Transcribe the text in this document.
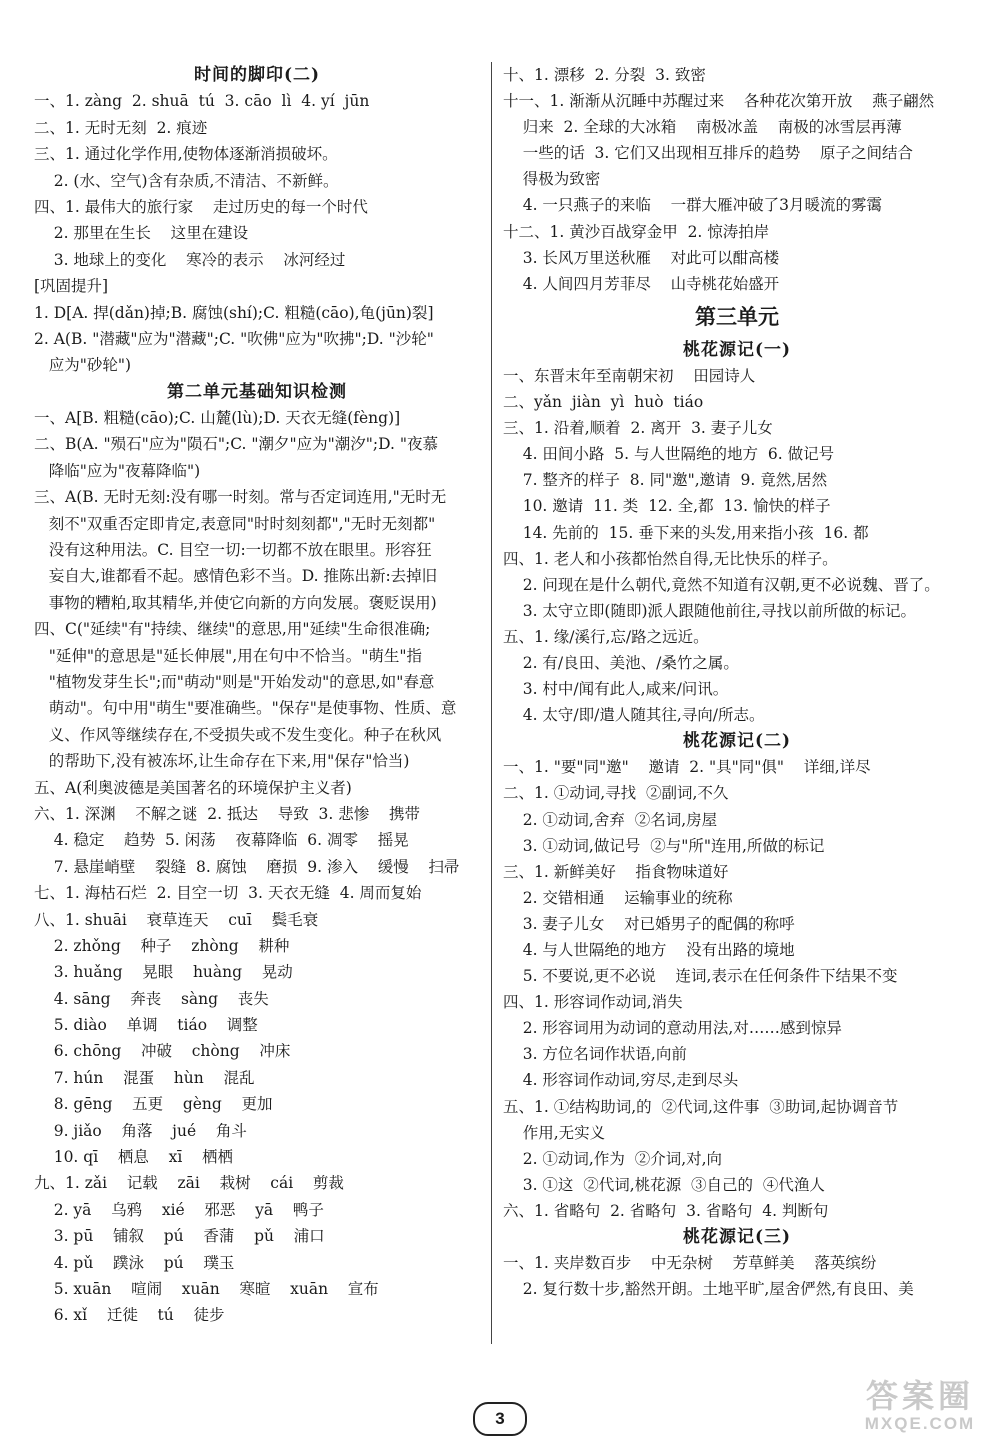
时间的脚印(二)
一、1. zàng  2. shuā  tú  3. cāo  lì  4. yí  jūn
二、1. 无时无刻  2. 痕迹
三、1. 通过化学作用,使物体逐渐消损破坏。
2. (水、空气)含有杂质,不清洁、不新鲜。
四、1. 最伟大的旅行家    走过历史的每一个时代
2. 那里在生长    这里在建设
3. 地球上的变化    寒冷的表示    冰河经过
[巩固提升]
1. D[A. 捍(dǎn)掉;B. 腐蚀(shí);C. 粗糙(cāo),龟(jūn)裂]
2. A(B. "潜藏"应为"潜藏";C. "吹佛"应为"吹拂";D. "沙轮"
应为"砂轮")
第二单元基础知识检测
一、A[B. 粗糙(cāo);C. 山麓(lù);D. 天衣无缝(fèng)]
二、B(A. "殒石"应为"陨石";C. "潮夕"应为"潮汐";D. "夜慕
降临"应为"夜幕降临")
三、A(B. 无时无刻:没有哪一时刻。常与否定词连用,"无时无
刻不"双重否定即肯定,表意同"时时刻刻都","无时无刻都"
没有这种用法。C. 目空一切:一切都不放在眼里。形容狂
妄自大,谁都看不起。感情色彩不当。D. 推陈出新:去掉旧
事物的糟粕,取其精华,并使它向新的方向发展。褒贬误用)
四、C("延续"有"持续、继续"的意思,用"延续"生命很准确;
"延伸"的意思是"延长伸展",用在句中不恰当。"萌生"指
"植物发芽生长";而"萌动"则是"开始发动"的意思,如"春意
萌动"。句中用"萌生"要准确些。"保存"是使事物、性质、意
义、作风等继续存在,不受损失或不发生变化。种子在秋风
的帮助下,没有被冻坏,让生命存在下来,用"保存"恰当)
五、A(利奥波德是美国著名的环境保护主义者)
六、1. 深渊    不解之谜  2. 抵达    导致  3. 悲惨    携带
4. 稳定    趋势  5. 闲荡    夜幕降临  6. 凋零    摇晃
7. 悬崖峭壁    裂缝  8. 腐蚀    磨损  9. 渗入    缓慢    扫帚
七、1. 海枯石烂  2. 目空一切  3. 天衣无缝  4. 周而复始
八、1. shuāi    衰草连天    cuī    鬓毛衰
2. zhǒng    种子    zhòng    耕种
3. huǎng    晃眼    huàng    晃动
4. sāng    奔丧    sàng    丧失
5. diào    单调    tiáo    调整
6. chōng    冲破    chòng    冲床
7. hún    混蛋    hùn    混乱
8. gēng    五更    gèng    更加
9. jiǎo    角落    jué    角斗
10. qī    栖息    xī    栖栖
九、1. zǎi    记载    zāi    栽树    cái    剪裁
2. yā    乌鸦    xié    邪恶    yā    鸭子
3. pū    铺叙    pú    香蒲    pǔ    浦口
4. pǔ    蹼泳    pú    璞玉
5. xuān    喧闹    xuān    寒暄    xuān    宣布
6. xǐ    迁徙    tú    徒步
十、1. 漂移  2. 分裂  3. 致密
十一、1. 渐渐从沉睡中苏醒过来    各种花次第开放    燕子翩然
归来  2. 全球的大冰箱    南极冰盖    南极的冰雪层再薄
一些的话  3. 它们又出现相互排斥的趋势    原子之间结合
得极为致密
4. 一只燕子的来临    一群大雁冲破了3月暖流的雾霭
十二、1. 黄沙百战穿金甲  2. 惊涛拍岸
3. 长风万里送秋雁    对此可以酣高楼
4. 人间四月芳菲尽    山寺桃花始盛开
第三单元
桃花源记(一)
一、东晋末年至南朝宋初    田园诗人
二、yǎn  jiàn  yì  huò  tiáo
三、1. 沿着,顺着  2. 离开  3. 妻子儿女
4. 田间小路  5. 与人世隔绝的地方  6. 做记号
7. 整齐的样子  8. 同"邀",邀请  9. 竟然,居然
10. 邀请  11. 类  12. 全,都  13. 愉快的样子
14. 先前的  15. 垂下来的头发,用来指小孩  16. 都
四、1. 老人和小孩都怡然自得,无比快乐的样子。
2. 问现在是什么朝代,竟然不知道有汉朝,更不必说魏、晋了。
3. 太守立即(随即)派人跟随他前往,寻找以前所做的标记。
五、1. 缘/溪行,忘/路之远近。
2. 有/良田、美池、/桑竹之属。
3. 村中/闻有此人,咸来/问讯。
4. 太守/即/遣人随其往,寻向/所志。
桃花源记(二)
一、1. "要"同"邀"    邀请  2. "具"同"俱"    详细,详尽
二、1. ①动词,寻找  ②副词,不久
2. ①动词,舍弃  ②名词,房屋
3. ①动词,做记号  ②与"所"连用,所做的标记
三、1. 新鲜美好    指食物味道好
2. 交错相通    运输事业的统称
3. 妻子儿女    对已婚男子的配偶的称呼
4. 与人世隔绝的地方    没有出路的境地
5. 不要说,更不必说    连词,表示在任何条件下结果不变
四、1. 形容词作动词,消失
2. 形容词用为动词的意动用法,对……感到惊异
3. 方位名词作状语,向前
4. 形容词作动词,穷尽,走到尽头
五、1. ①结构助词,的  ②代词,这件事  ③助词,起协调音节
作用,无实义
2. ①动词,作为  ②介词,对,向
3. ①这  ②代词,桃花源  ③自己的  ④代渔人
六、1. 省略句  2. 省略句  3. 省略句  4. 判断句
桃花源记(三)
一、1. 夹岸数百步    中无杂树    芳草鲜美    落英缤纷
2. 复行数十步,豁然开朗。土地平旷,屋舍俨然,有良田、美
3
答案圈
MXQE.COM
